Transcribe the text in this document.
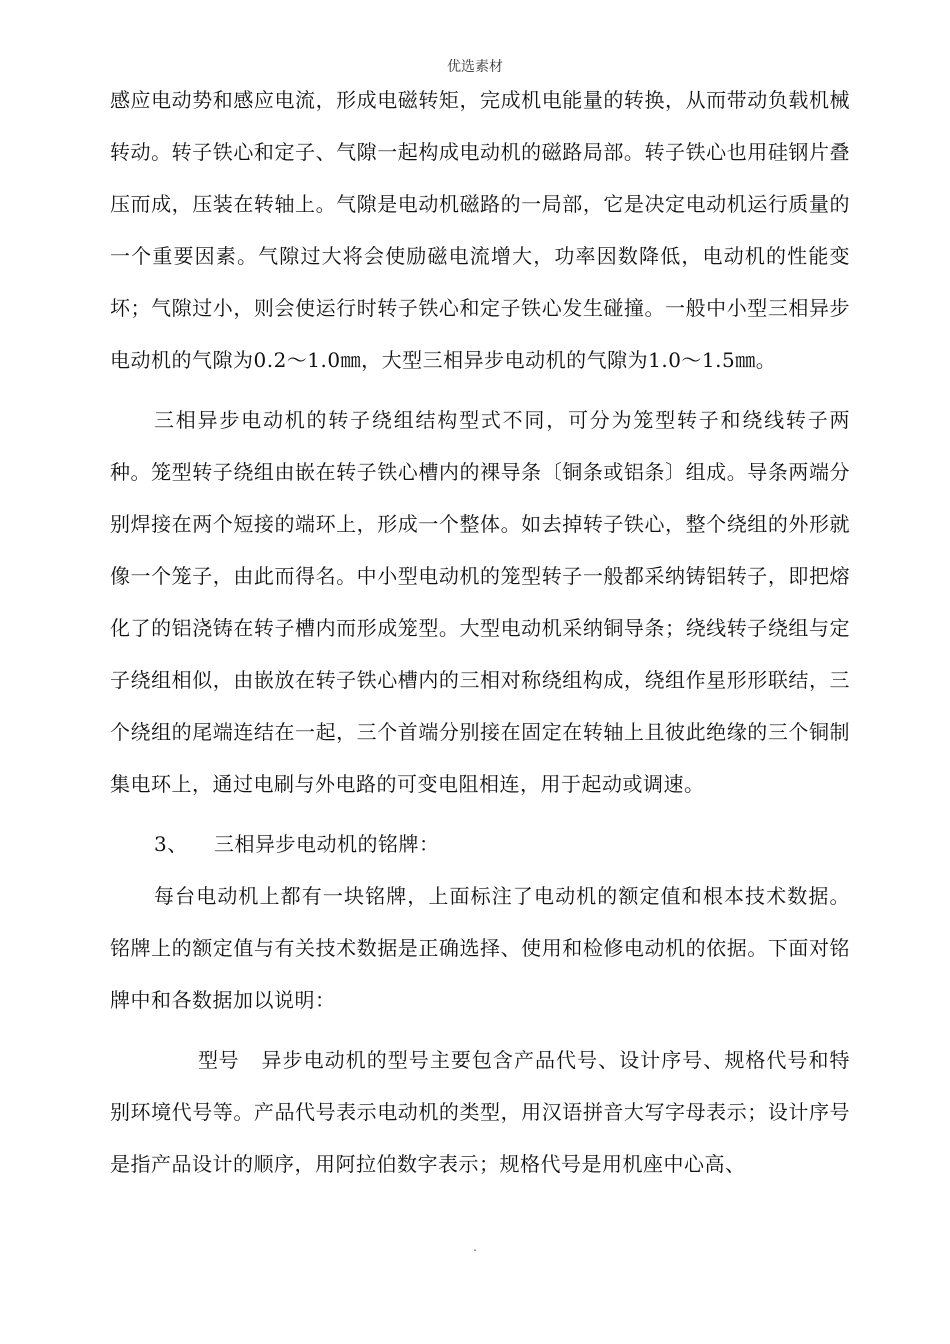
优选素材

感应电动势和感应电流，形成电磁转矩，完成机电能量的转换，从而带动负载机械转动。转子铁心和定子、气隙一起构成电动机的磁路局部。转子铁心也用硅钢片叠压而成，压装在转轴上。气隙是电动机磁路的一局部，它是决定电动机运行质量的一个重要因素。气隙过大将会使励磁电流增大，功率因数降低，电动机的性能变坏；气隙过小，则会使运行时转子铁心和定子铁心发生碰撞。一般中小型三相异步电动机的气隙为0.2～1.0㎜，大型三相异步电动机的气隙为1.0～1.5㎜。

三相异步电动机的转子绕组结构型式不同，可分为笼型转子和绕线转子两种。笼型转子绕组由嵌在转子铁心槽内的裸导条〔铜条或铝条〕组成。导条两端分别焊接在两个短接的端环上，形成一个整体。如去掉转子铁心，整个绕组的外形就像一个笼子，由此而得名。中小型电动机的笼型转子一般都采纳铸铝转子，即把熔化了的铝浇铸在转子槽内而形成笼型。大型电动机采纳铜导条；绕线转子绕组与定子绕组相似，由嵌放在转子铁心槽内的三相对称绕组构成，绕组作星形形联结，三个绕组的尾端连结在一起，三个首端分别接在固定在转轴上且彼此绝缘的三个铜制集电环上，通过电刷与外电路的可变电阻相连，用于起动或调速。

3、 三相异步电动机的铭牌：

每台电动机上都有一块铭牌，上面标注了电动机的额定值和根本技术数据。铭牌上的额定值与有关技术数据是正确选择、使用和检修电动机的依据。下面对铭牌中和各数据加以说明：

型号 异步电动机的型号主要包含产品代号、设计序号、规格代号和特别环境代号等。产品代号表示电动机的类型，用汉语拼音大写字母表示；设计序号是指产品设计的顺序，用阿拉伯数字表示；规格代号是用机座中心高、

.
